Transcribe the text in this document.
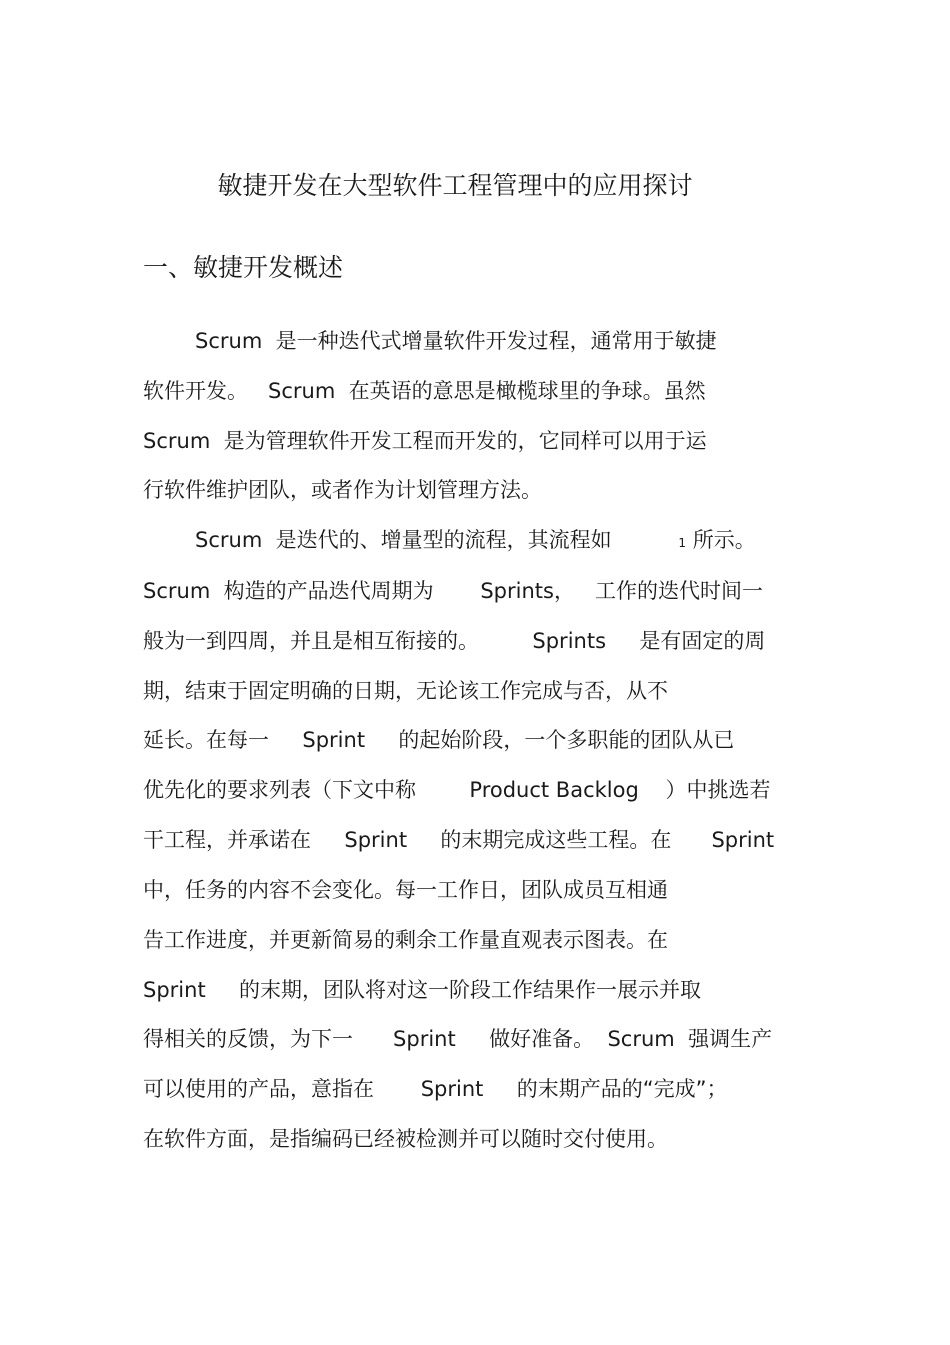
敏捷开发在大型软件工程管理中的应用探讨
一、敏捷开发概述
Scrum  是一种迭代式增量软件开发过程，通常用于敏捷
软件开发。   Scrum  在英语的意思是橄榄球里的争球。虽然
Scrum  是为管理软件开发工程而开发的，它同样可以用于运
行软件维护团队，或者作为计划管理方法。
Scrum  是迭代的、增量型的流程，其流程如          1 所示。
Scrum  构造的产品迭代周期为       Sprints，   工作的迭代时间一
般为一到四周，并且是相互衔接的。        Sprints     是有固定的周
期，结束于固定明确的日期，无论该工作完成与否，从不
延长。在每一     Sprint     的起始阶段，一个多职能的团队从已
优先化的要求列表（下文中称        Product Backlog    ）中挑选若
干工程，并承诺在     Sprint     的末期完成这些工程。在      Sprint
中，任务的内容不会变化。每一工作日，团队成员互相通
告工作进度，并更新简易的剩余工作量直观表示图表。在
Sprint     的末期，团队将对这一阶段工作结果作一展示并取
得相关的反馈，为下一      Sprint     做好准备。  Scrum  强调生产
可以使用的产品，意指在       Sprint     的末期产品的“完成”；
在软件方面，是指编码已经被检测并可以随时交付使用。
